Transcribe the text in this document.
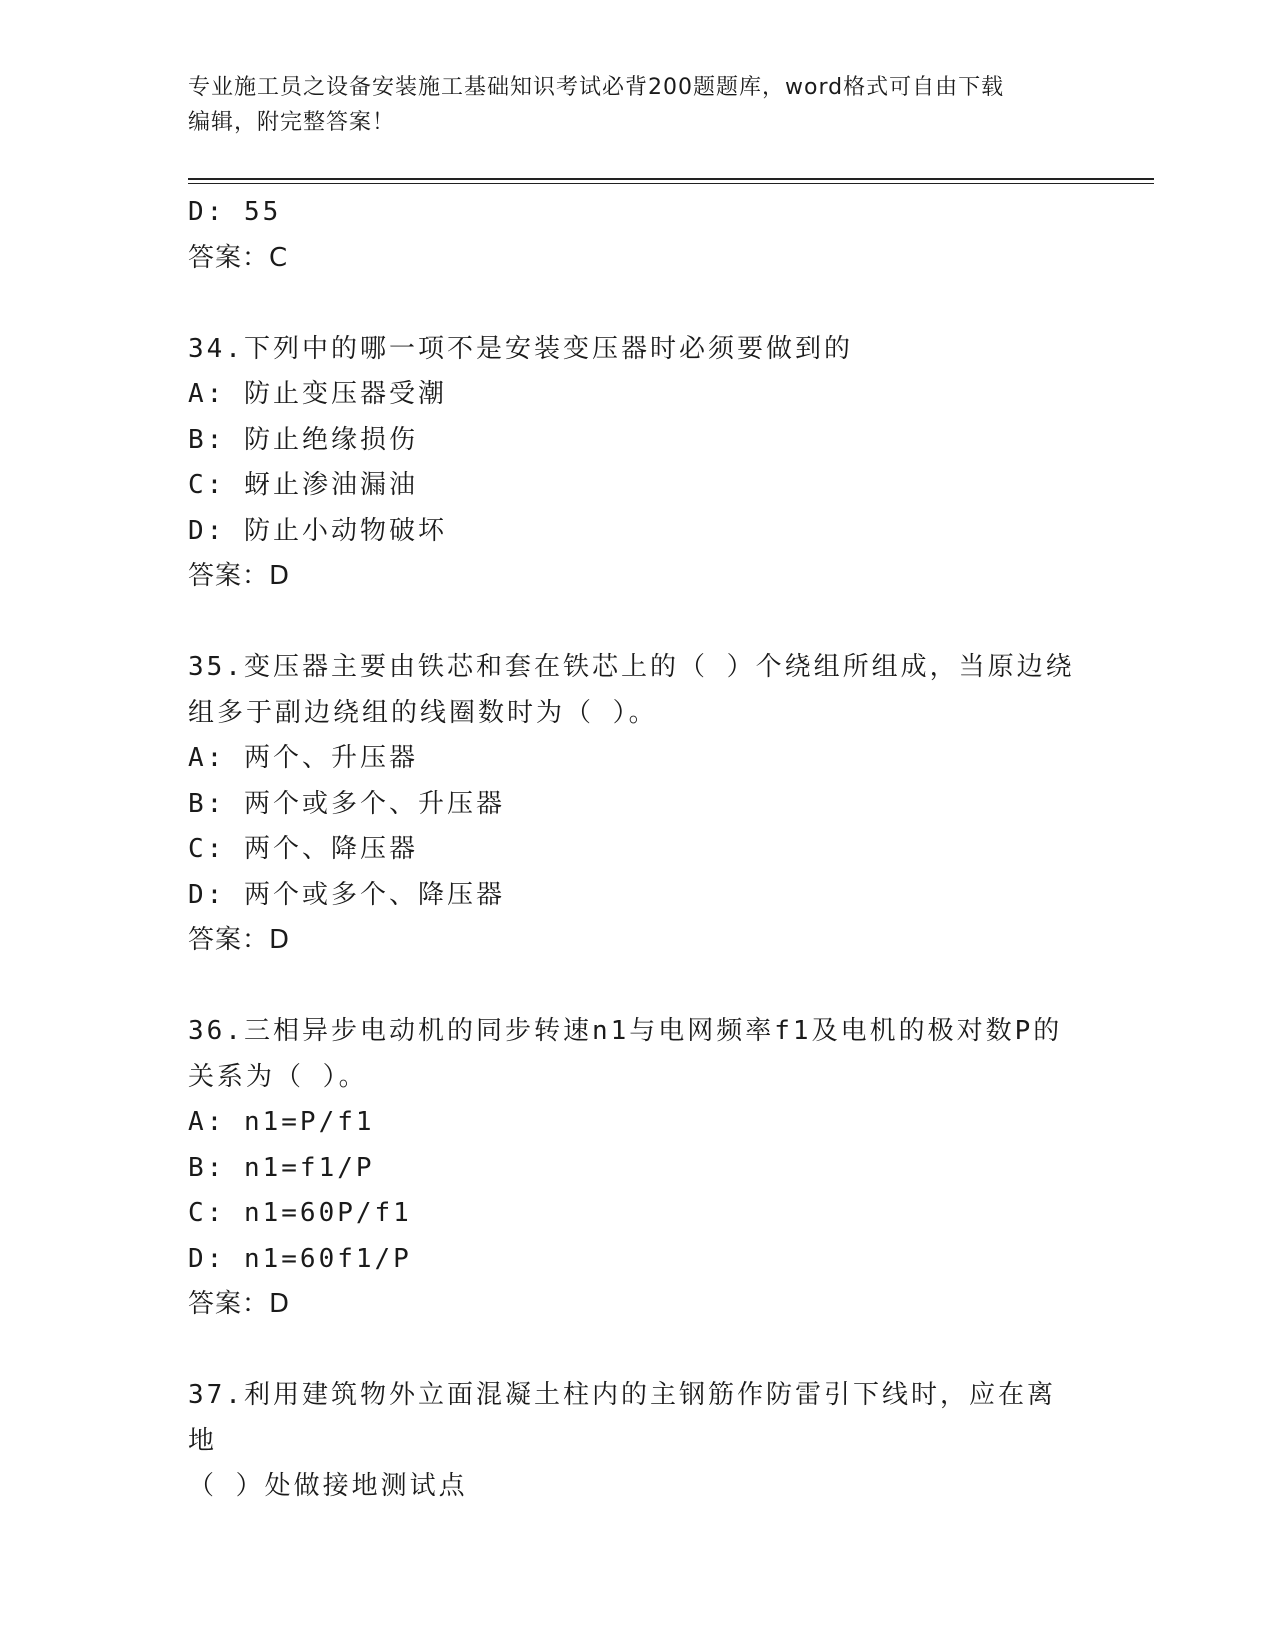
专业施工员之设备安装施工基础知识考试必背200题题库，word格式可自由下载
编辑，附完整答案！
D: 55
答案：C
34.下列中的哪一项不是安装变压器时必须要做到的
A: 防止变压器受潮
B: 防止绝缘损伤
C: 蚜止渗油漏油
D: 防止小动物破坏
答案：D
35.变压器主要由铁芯和套在铁芯上的（ ）个绕组所组成，当原边绕
组多于副边绕组的线圈数时为（ ）。
A: 两个、升压器
B: 两个或多个、升压器
C: 两个、降压器
D: 两个或多个、降压器
答案：D
36.三相异步电动机的同步转速n1与电网频率f1及电机的极对数P的
关系为（ ）。
A: n1=P/f1
B: n1=f1/P
C: n1=60P/f1
D: n1=60f1/P
答案：D
37.利用建筑物外立面混凝土柱内的主钢筋作防雷引下线时，应在离地
（ ）处做接地测试点
